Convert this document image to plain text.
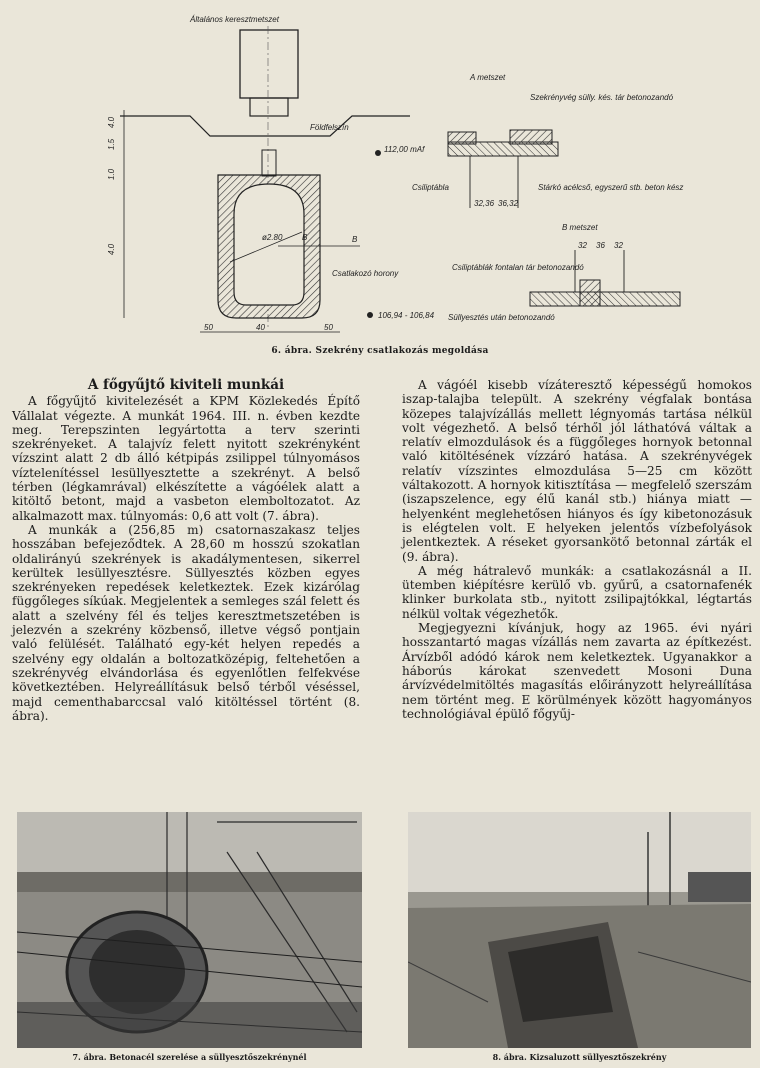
Általános keresztmetszet
Földfelszín
112,00 mAf
ø2.80 B	B
Csatlakozó horony
106,94 - 106,84
4.0
1.5
1.0
4.0
50	40	50
A metszet
Szekrényvég sülly. kés. tár betonozandó
Csiliptábla	Stárkó acélcső, egyszerű stb. beton kész
32,36 36,32
B metszet
Csiliptáblák fontalan tár betonozandó
32 36 32
Süllyesztés után betonozandó
6. ábra. Szekrény csatlakozás megoldása
A főgyűjtő kiviteli munkái

A főgyűjtő kivitelezését a KPM Közlekedés Építő Vállalat végezte. A munkát 1964. III. n. évben kezdte meg. Terepszinten legyártotta a terv szerinti szekrényeket. A talajvíz felett nyitott szekrényként vízszint alatt 2 db álló kétpipás zsilippel túlnyomásos víztelenítéssel lesüllyesztette a szekrényt. A belső térben (légkamrával) elkészítette a vágóélek alatt a kitöltő betont, majd a vasbeton elemboltozatot. Az alkalmazott max. túlnyomás: 0,6 att volt (7. ábra).

A munkák a (256,85 m) csatornaszakasz teljes hosszában befejeződtek. A 28,60 m hosszú szokatlan oldalirányú szekrények is akadálymentesen, sikerrel kerültek lesüllyesztésre. Süllyesztés közben egyes szekrényeken repedések keletkeztek. Ezek kizárólag függőleges síkúak. Megjelentek a semleges szál felett és alatt a szelvény fél és teljes keresztmetszetében is jelezvén a szekrény közbenső, illetve végső pontjain való felülését. Található egy-két helyen repedés a szelvény egy oldalán a boltozatközépig, feltehetően a szekrényvég elvándorlása és egyenlőtlen felfekvése következtében. Helyreállításuk belső térből véséssel, majd cementhabarccsal való kitöltéssel történt (8. ábra).

A vágóél kisebb vízáteresztő képességű homokos iszap-talajba települt. A szekrény végfalak bontása közepes talajvízállás mellett légnyomás tartása nélkül volt végezhető. A belső térhől jól láthatóvá váltak a relatív elmozdulások és a függőleges hornyok betonnal való kitöltésének vízzáró hatása. A szekrényvégek relatív vízszintes elmozdulása 5—25 cm között váltakozott. A hornyok kitisztítása — megfelelő szerszám (iszapszelence, egy élű kanál stb.) hiánya miatt — helyenként meglehetősen hiányos és így kibetonozásuk is elégtelen volt. E helyeken jelentős vízbefolyások jelentkeztek. A réseket gyorsankötő betonnal zárták el (9. ábra).

A még hátralevő munkák: a csatlakozásnál a II. ütemben kiépítésre kerülő vb. gyűrű, a csatornafenék klinker burkolata stb., nyitott zsilipajtókkal, légtartás nélkül voltak végezhetők.

Megjegyezni kívánjuk, hogy az 1965. évi nyári hosszantartó magas vízállás nem zavarta az építkezést. Árvízből adódó károk nem keletkeztek. Ugyanakkor a háborús károkat szenvedett Mosoni Duna árvízvédelmitöltés magasítás előirányzott helyreállítása nem történt meg. E körülmények között hagyományos technológiával épülő főgyűj-

7. ábra. Betonacél szerelése a süllyesztőszekrénynél	8. ábra. Kizsaluzott süllyesztőszekrény
